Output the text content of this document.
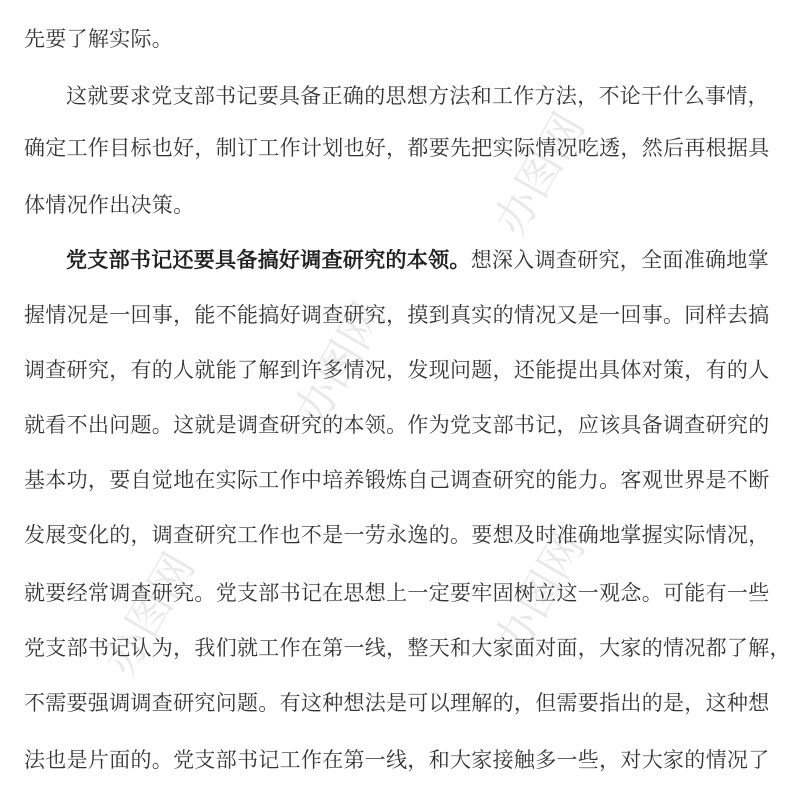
办图网
办图网
办图网
办图网
先要了解实际。
这就要求党支部书记要具备正确的思想方法和工作方法，不论干什么事情，
确定工作目标也好，制订工作计划也好，都要先把实际情况吃透，然后再根据具
体情况作出决策。
党支部书记还要具备搞好调查研究的本领。想深入调查研究，全面准确地掌
握情况是一回事，能不能搞好调查研究，摸到真实的情况又是一回事。同样去搞
调查研究，有的人就能了解到许多情况，发现问题，还能提出具体对策，有的人
就看不出问题。这就是调查研究的本领。作为党支部书记，应该具备调查研究的
基本功，要自觉地在实际工作中培养锻炼自己调查研究的能力。客观世界是不断
发展变化的，调查研究工作也不是一劳永逸的。要想及时准确地掌握实际情况，
就要经常调查研究。党支部书记在思想上一定要牢固树立这一观念。可能有一些
党支部书记认为，我们就工作在第一线，整天和大家面对面，大家的情况都了解，
不需要强调调查研究问题。有这种想法是可以理解的，但需要指出的是，这种想
法也是片面的。党支部书记工作在第一线，和大家接触多一些，对大家的情况了
